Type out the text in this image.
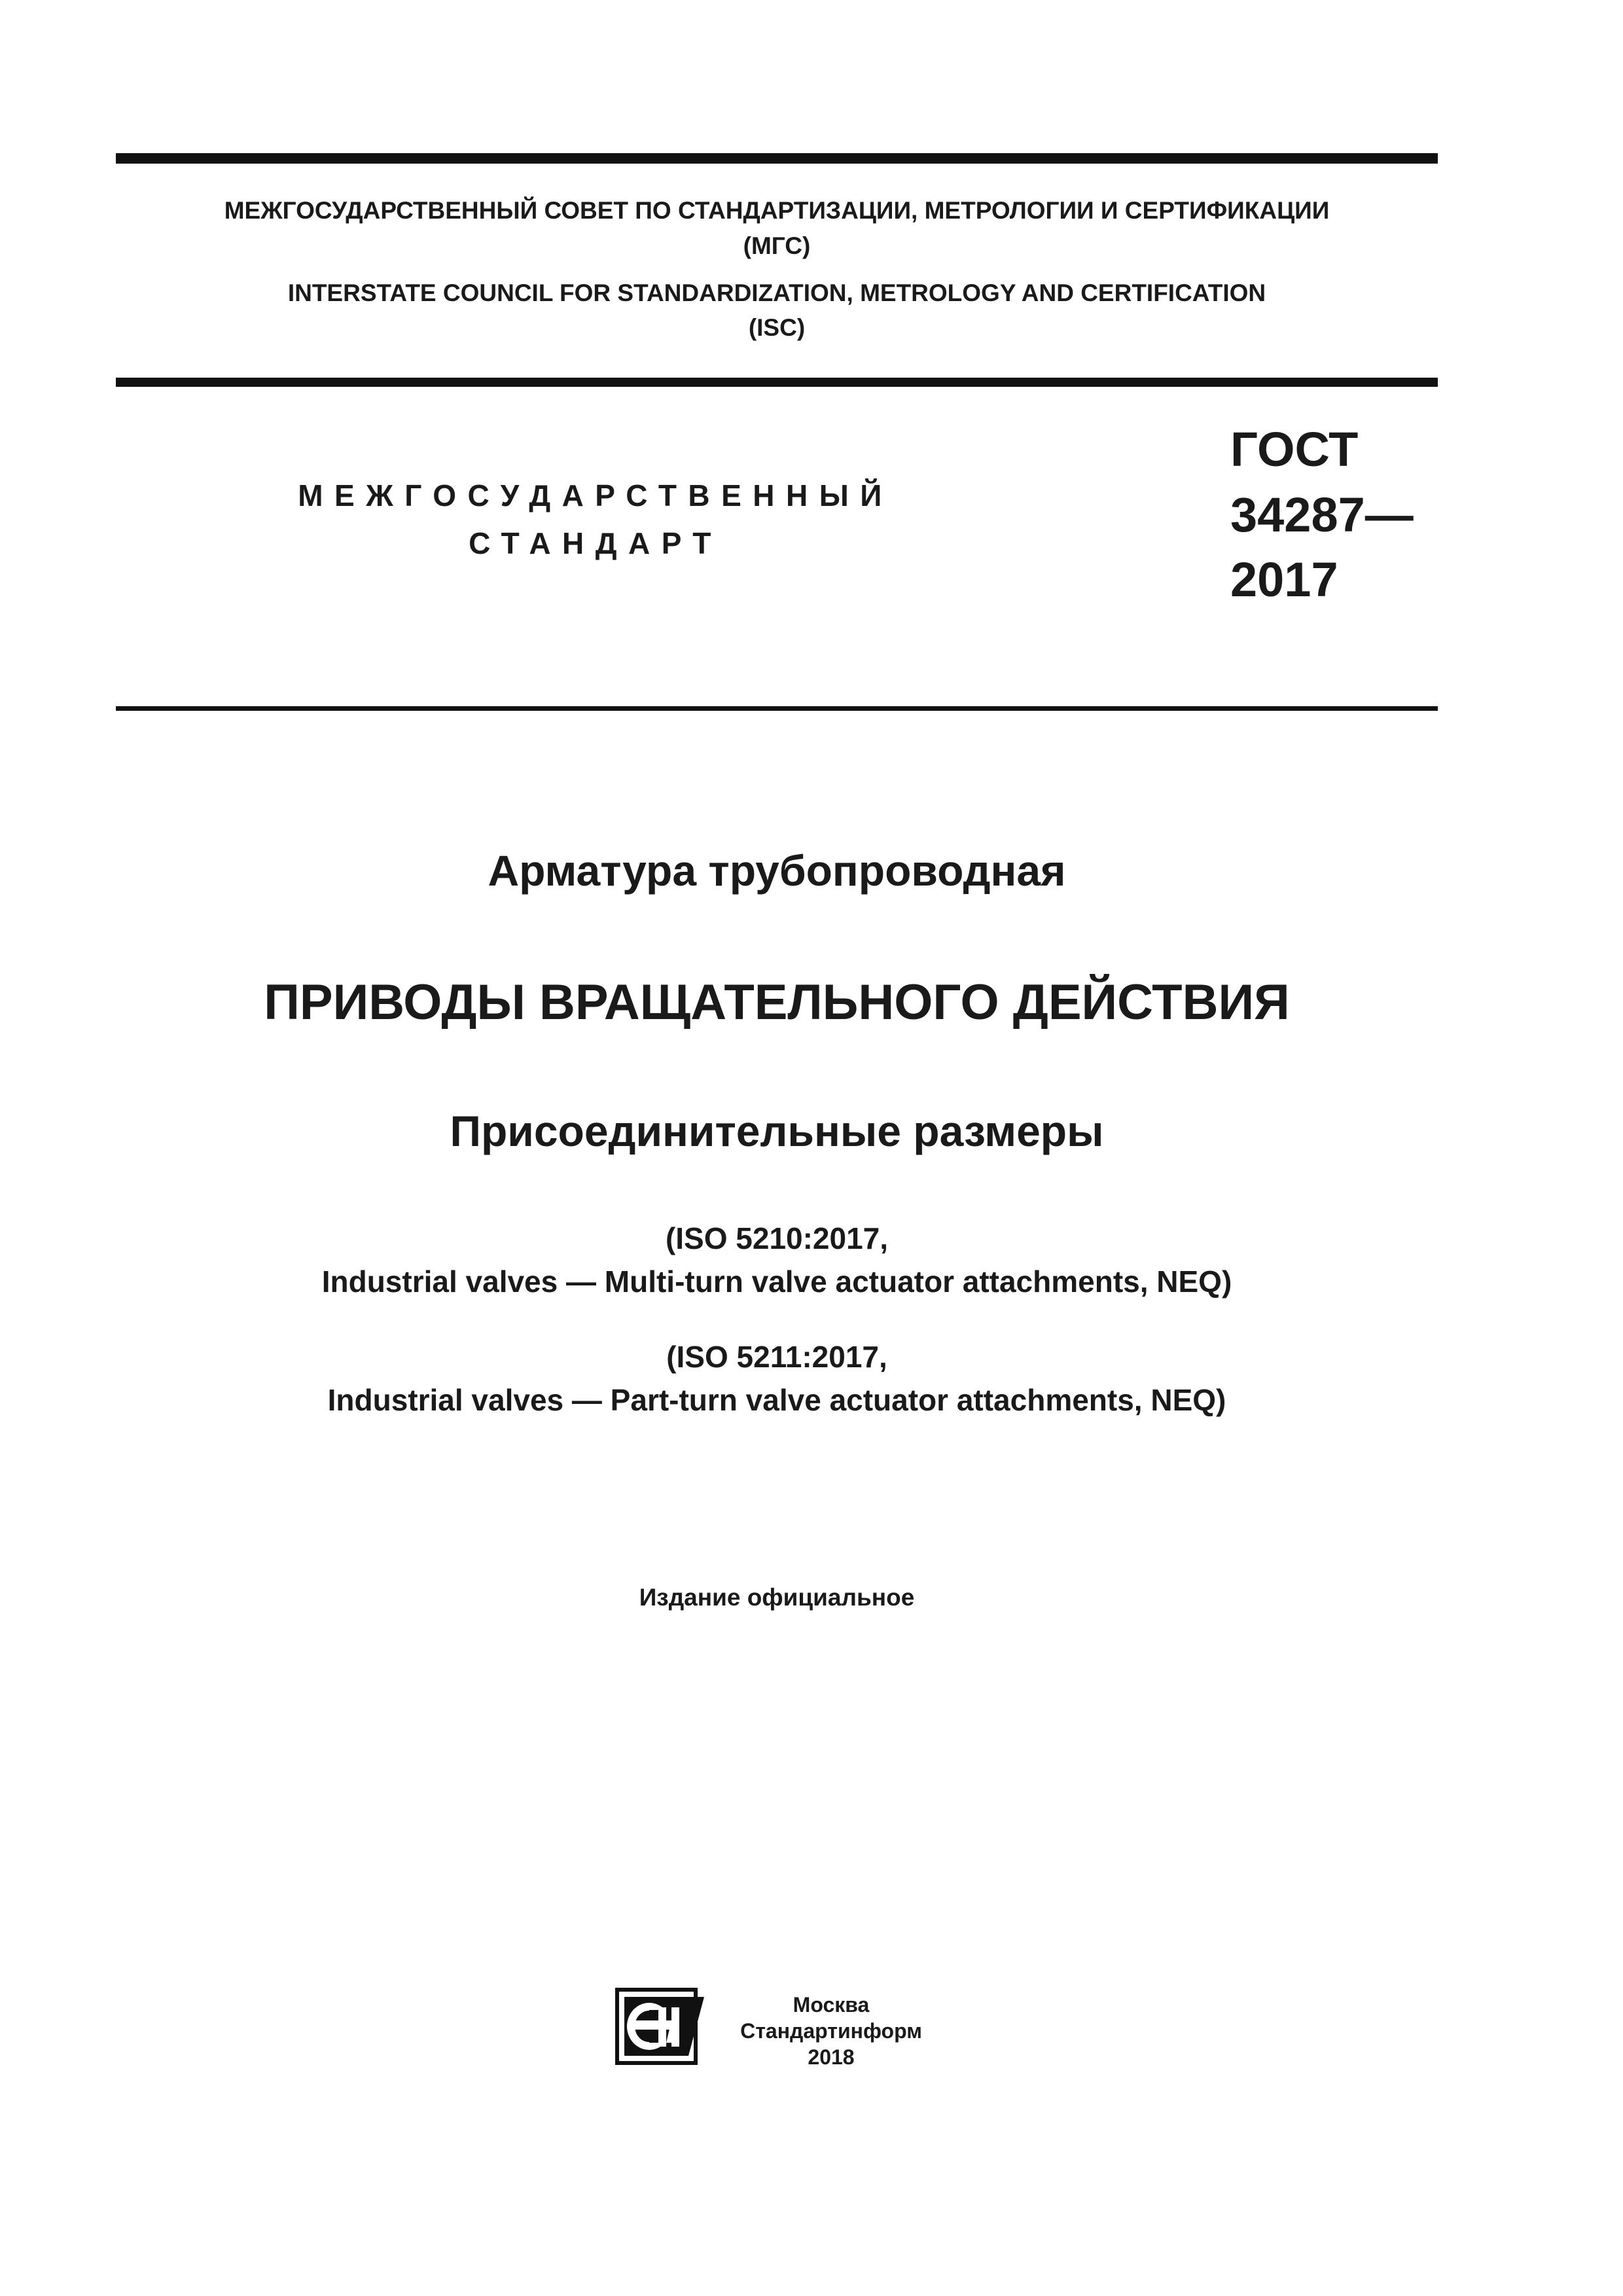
МЕЖГОСУДАРСТВЕННЫЙ СОВЕТ ПО СТАНДАРТИЗАЦИИ, МЕТРОЛОГИИ И СЕРТИФИКАЦИИ
(МГС)
INTERSTATE COUNCIL FOR STANDARDIZATION, METROLOGY AND CERTIFICATION
(ISC)
МЕЖГОСУДАРСТВЕННЫЙ
СТАНДАРТ
ГОСТ
34287—
2017
Арматура трубопроводная
ПРИВОДЫ ВРАЩАТЕЛЬНОГО ДЕЙСТВИЯ
Присоединительные размеры
(ISO 5210:2017,
Industrial valves — Multi-turn valve actuator attachments, NEQ)
(ISO 5211:2017,
Industrial valves — Part-turn valve actuator attachments, NEQ)
Издание официальное
Москва
Стандартинформ
2018
